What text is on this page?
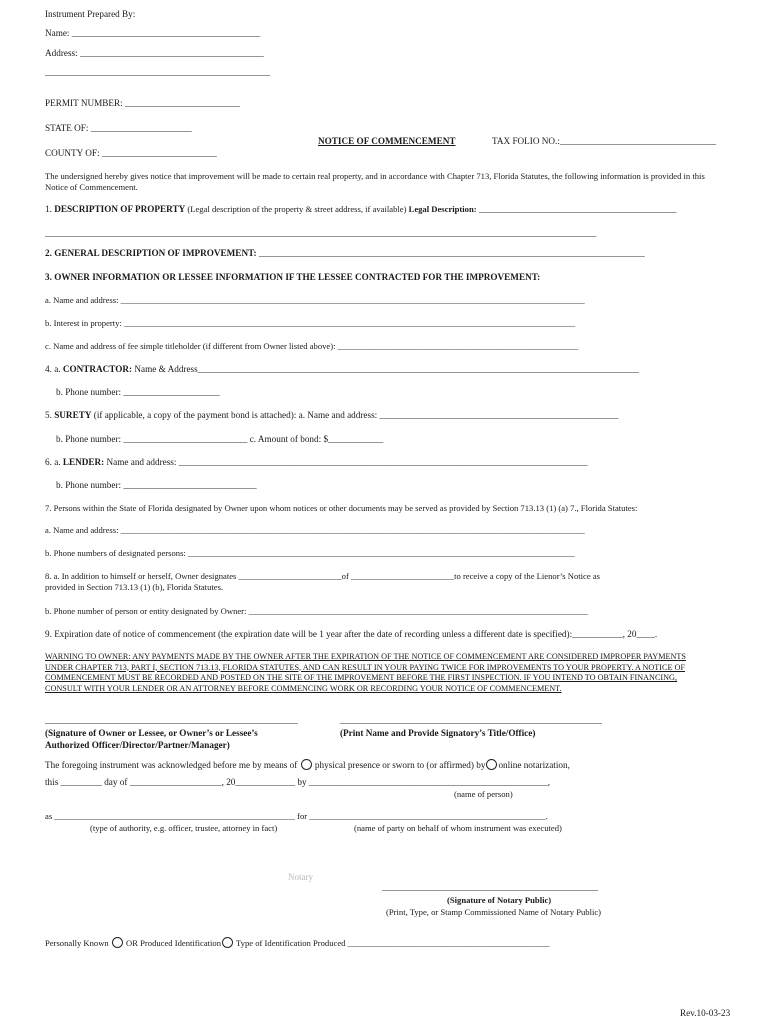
Instrument Prepared By:
Name: _________________________________________
Address: ________________________________________
_________________________________________________
PERMIT NUMBER: _________________________
STATE OF: ______________________
NOTICE OF COMMENCEMENT	TAX FOLIO NO.:__________________________________
COUNTY OF: _________________________
The undersigned hereby gives notice that improvement will be made to certain real property, and in accordance with Chapter 713, Florida Statutes, the following information is provided in this Notice of Commencement.
1. DESCRIPTION OF PROPERTY (Legal description of the property & street address, if available) Legal Description: ___________________________________________
________________________________________________________________________________________________________________________
2. GENERAL DESCRIPTION OF IMPROVEMENT: ____________________________________________________________________________________
3. OWNER INFORMATION OR LESSEE INFORMATION IF THE LESSEE CONTRACTED FOR THE IMPROVEMENT:
a. Name and address: ____________________________________________________________________________________________________________
b. Interest in property: _________________________________________________________________________________________________________
c. Name and address of fee simple titleholder (if different from Owner listed above): ________________________________________________________
4. a. CONTRACTOR: Name & Address________________________________________________________________________________________________
b. Phone number: _____________________
5. SURETY (if applicable, a copy of the payment bond is attached): a. Name and address: ____________________________________________________
b. Phone number: ___________________________ c. Amount of bond: $____________
6. a. LENDER: Name and address: _________________________________________________________________________________________
b. Phone number: _____________________________
7. Persons within the State of Florida designated by Owner upon whom notices or other documents may be served as provided by Section 713.13 (1) (a) 7., Florida Statutes:
a. Name and address: ____________________________________________________________________________________________________________
b. Phone numbers of designated persons: __________________________________________________________________________________________
8. a. In addition to himself or herself, Owner designates ________________________of ________________________to receive a copy of the Lienor’s Notice as
provided in Section 713.13 (1) (b), Florida Statutes.
b. Phone number of person or entity designated by Owner: _______________________________________________________________________________
9. Expiration date of notice of commencement (the expiration date will be 1 year after the date of recording unless a different date is specified):___________, 20____.
WARNING TO OWNER: ANY PAYMENTS MADE BY THE OWNER AFTER THE EXPIRATION OF THE NOTICE OF COMMENCEMENT ARE CONSIDERED IMPROPER PAYMENTS UNDER CHAPTER 713, PART I, SECTION 713.13, FLORIDA STATUTES, AND CAN RESULT IN YOUR PAYING TWICE FOR IMPROVEMENTS TO YOUR PROPERTY. A NOTICE OF COMMENCEMENT MUST BE RECORDED AND POSTED ON THE SITE OF THE IMPROVEMENT BEFORE THE FIRST INSPECTION. IF YOU INTEND TO OBTAIN FINANCING, CONSULT WITH YOUR LENDER OR AN ATTORNEY BEFORE COMMENCING WORK OR RECORDING YOUR NOTICE OF COMMENCEMENT.
_______________________________________________________
(Signature of Owner or Lessee, or Owner’s or Lessee’s
Authorized Officer/Director/Partner/Manager)
_________________________________________________________
(Print Name and Provide Signatory’s Title/Office)
The foregoing instrument was acknowledged before me by means of  physical presence or sworn to (or affirmed) by online notarization,
this _________ day of ____________________, 20_____________ by ____________________________________________________,
(name of person)
as ________________________________________________________ for _______________________________________________________.
(type of authority, e.g. officer, trustee, attorney in fact)	(name of party on behalf of whom instrument was executed)
Notary
_______________________________________________
(Signature of Notary Public)
(Print, Type, or Stamp Commissioned Name of Notary Public)
Personally Known  OR Produced Identification Type of Identification Produced _______________________________________________
Rev.10-03-23
